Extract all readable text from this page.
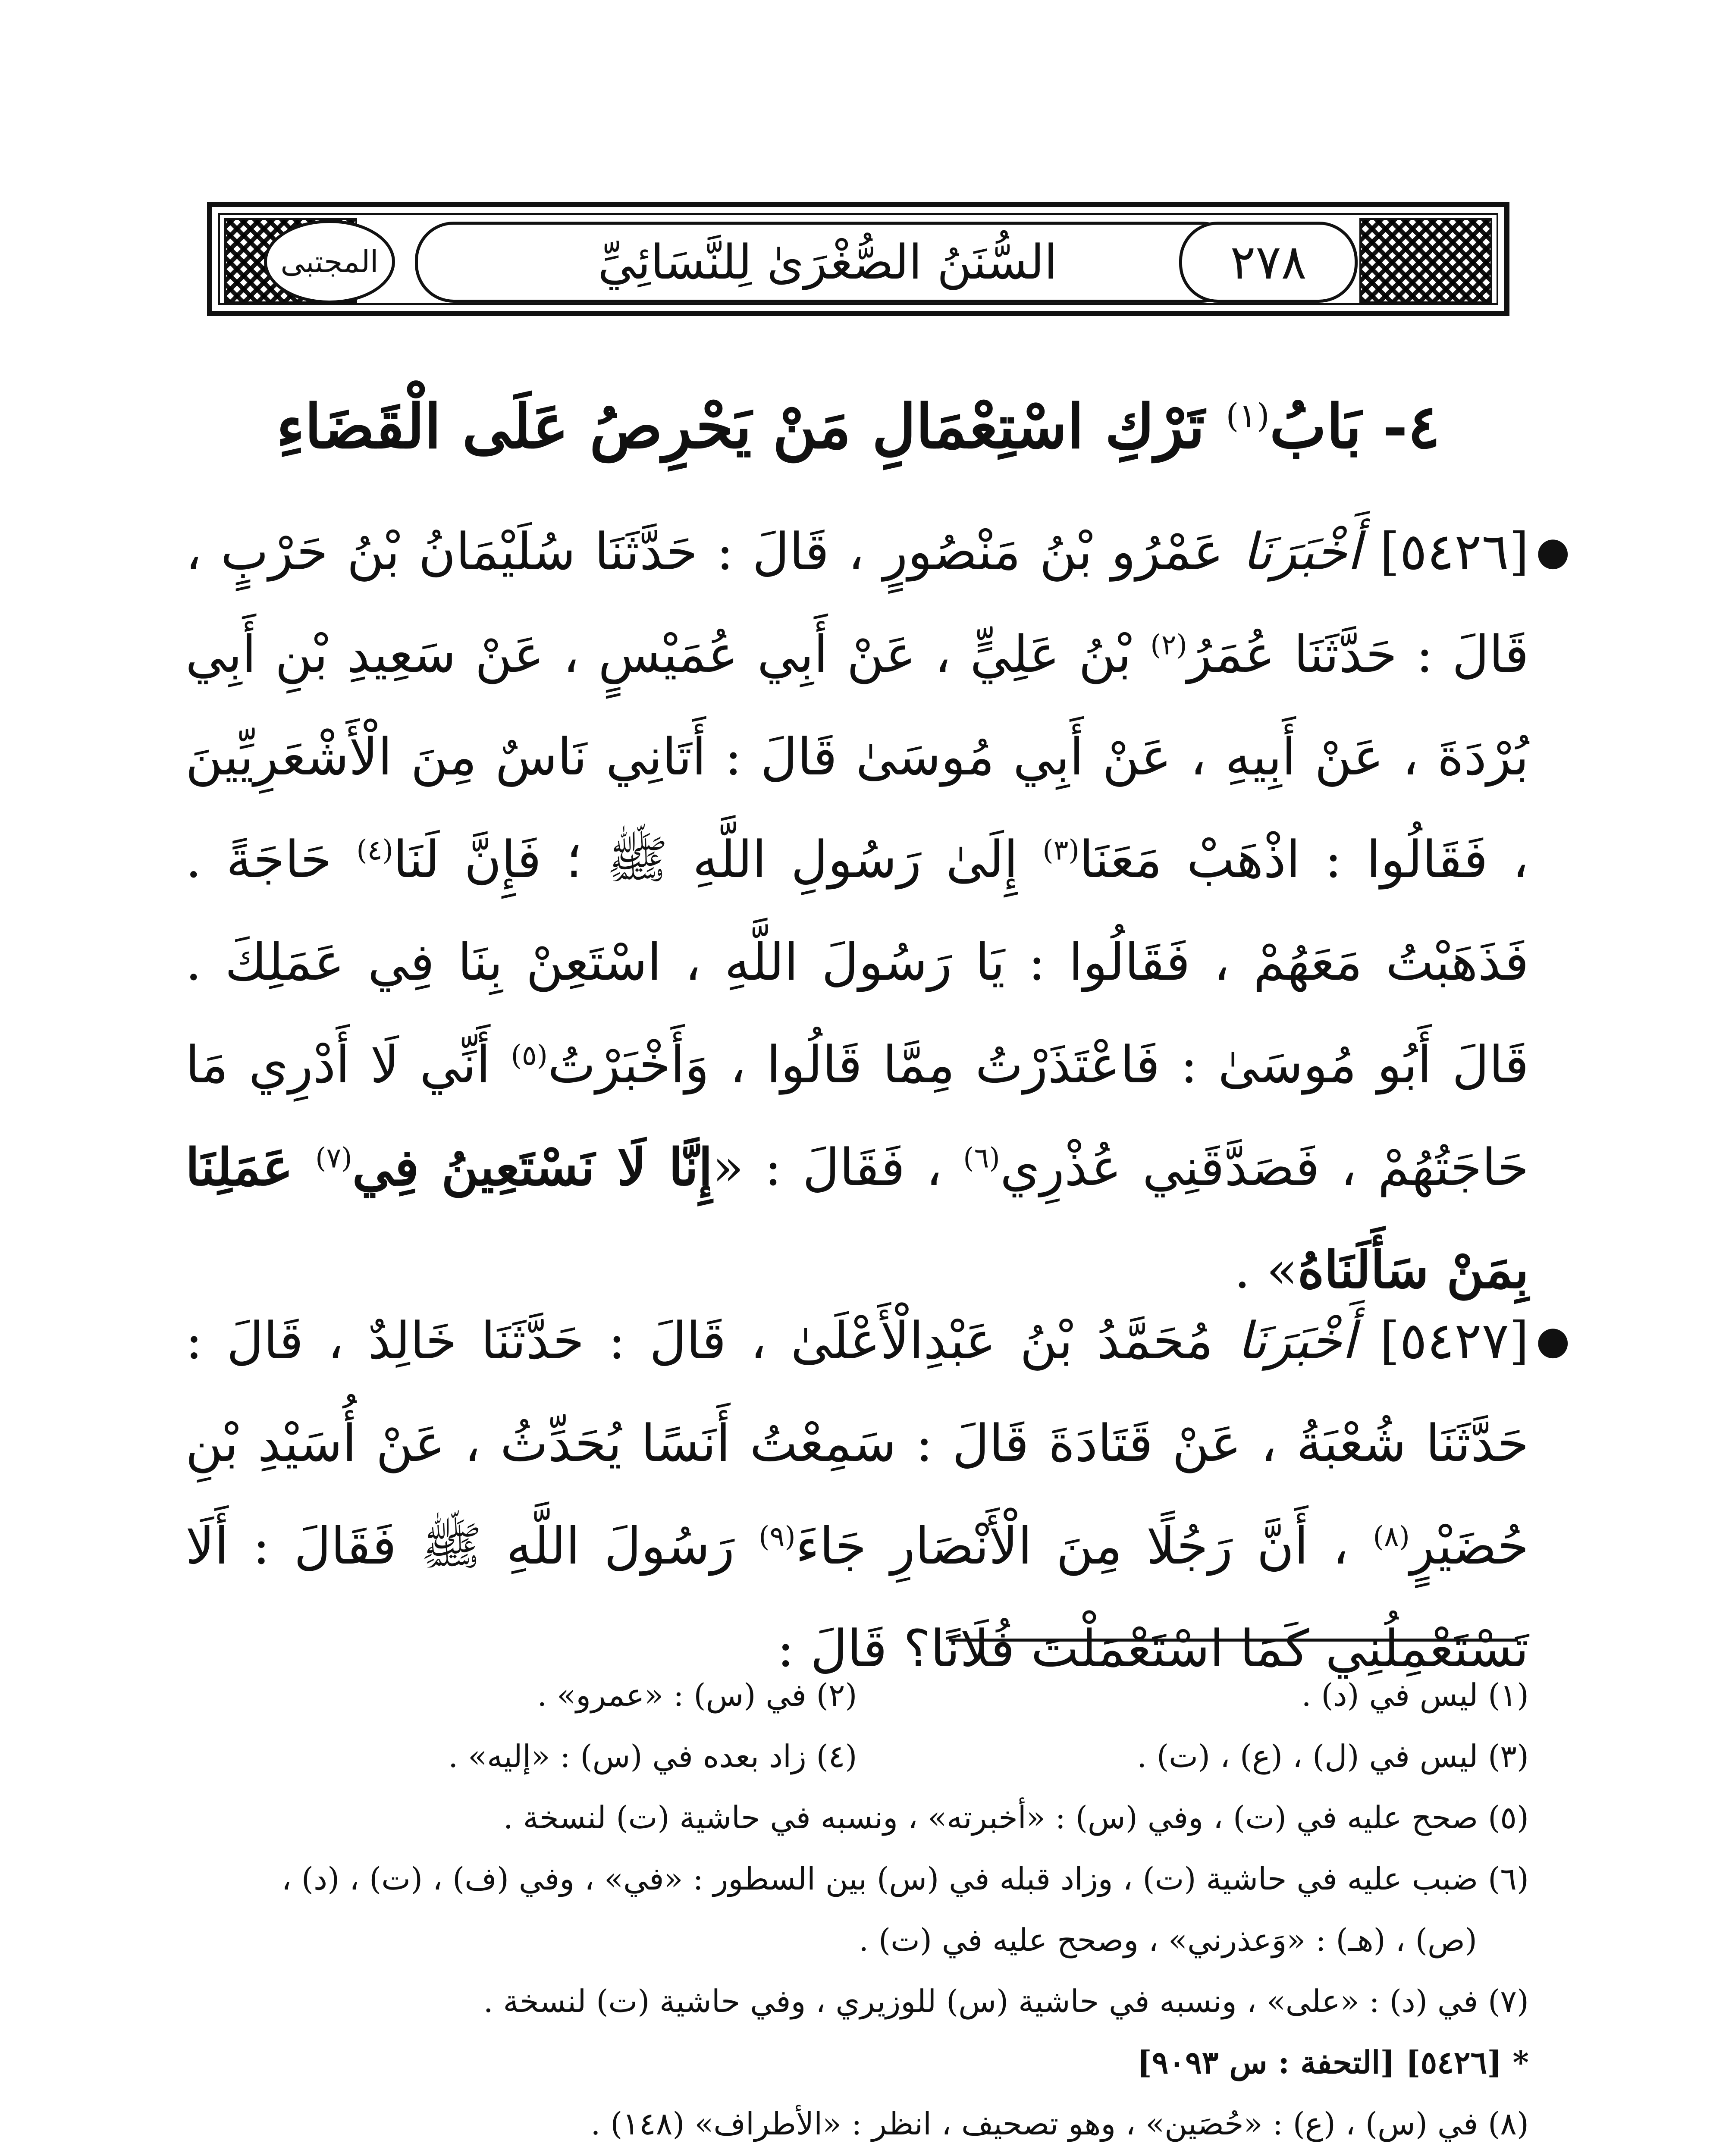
المجتبى	السُّنَنُ الصُّغْرَىٰ لِلنَّسَائِيِّ	٢٧٨
٤- بَابُ$^{(١)}$ تَرْكِ اسْتِعْمَالِ مَنْ يَحْرِصُ عَلَى الْقَضَاءِ
●
[٥٤٢٦] أَخْبَرَنَا عَمْرُو بْنُ مَنْصُورٍ ، قَالَ : حَدَّثَنَا سُلَيْمَانُ بْنُ حَرْبٍ ، قَالَ : حَدَّثَنَا عُمَرُ$^{(٢)}$ بْنُ عَلِيٍّ ، عَنْ أَبِي عُمَيْسٍ ، عَنْ سَعِيدِ بْنِ أَبِي بُرْدَةَ ، عَنْ أَبِيهِ ، عَنْ أَبِي مُوسَىٰ قَالَ : أَتَانِي نَاسٌ مِنَ الْأَشْعَرِيِّينَ ، فَقَالُوا : اذْهَبْ مَعَنَا$^{(٣)}$ إِلَىٰ رَسُولِ اللَّهِ ﷺ ؛ فَإِنَّ لَنَا$^{(٤)}$ حَاجَةً . فَذَهَبْتُ مَعَهُمْ ، فَقَالُوا : يَا رَسُولَ اللَّهِ ، اسْتَعِنْ بِنَا فِي عَمَلِكَ . قَالَ أَبُو مُوسَىٰ : فَاعْتَذَرْتُ مِمَّا قَالُوا ، وَأَخْبَرْتُ$^{(٥)}$ أَنِّي لَا أَدْرِي مَا حَاجَتُهُمْ ، فَصَدَّقَنِي عُذْرِي$^{(٦)}$ ، فَقَالَ : «إِنَّا لَا نَسْتَعِينُ فِي$^{(٧)}$ عَمَلِنَا بِمَنْ سَأَلَنَاهُ» .
●
[٥٤٢٧] أَخْبَرَنَا مُحَمَّدُ بْنُ عَبْدِالْأَعْلَىٰ ، قَالَ : حَدَّثَنَا خَالِدٌ ، قَالَ : حَدَّثَنَا شُعْبَةُ ، عَنْ قَتَادَةَ قَالَ : سَمِعْتُ أَنَسًا يُحَدِّثُ ، عَنْ أُسَيْدِ بْنِ حُضَيْرٍ$^{(٨)}$ ، أَنَّ رَجُلًا مِنَ الْأَنْصَارِ جَاءَ$^{(٩)}$ رَسُولَ اللَّهِ ﷺ فَقَالَ : أَلَا تَسْتَعْمِلُنِي كَمَا اسْتَعْمَلْتَ فُلَانًا؟ قَالَ :
(١) ليس في (د) .
(٢) في (س) : «عمرو» .
(٣) ليس في (ل) ، (ع) ، (ت) .
(٤) زاد بعده في (س) : «إليه» .
(٥) صحح عليه في (ت) ، وفي (س) : «أخبرته» ، ونسبه في حاشية (ت) لنسخة .
(٦) ضبب عليه في حاشية (ت) ، وزاد قبله في (س) بين السطور : «في» ، وفي (ف) ، (ت) ، (د) ،
(ص) ، (هـ) : «وَعذرني» ، وصحح عليه في (ت) .
(٧) في (د) : «على» ، ونسبه في حاشية (س) للوزيري ، وفي حاشية (ت) لنسخة .
* [٥٤٢٦] [التحفة : س ٩٠٩٣]
(٨) في (س) ، (ع) : «حُصَين» ، وهو تصحيف ، انظر : «الأطراف» (١٤٨) .
